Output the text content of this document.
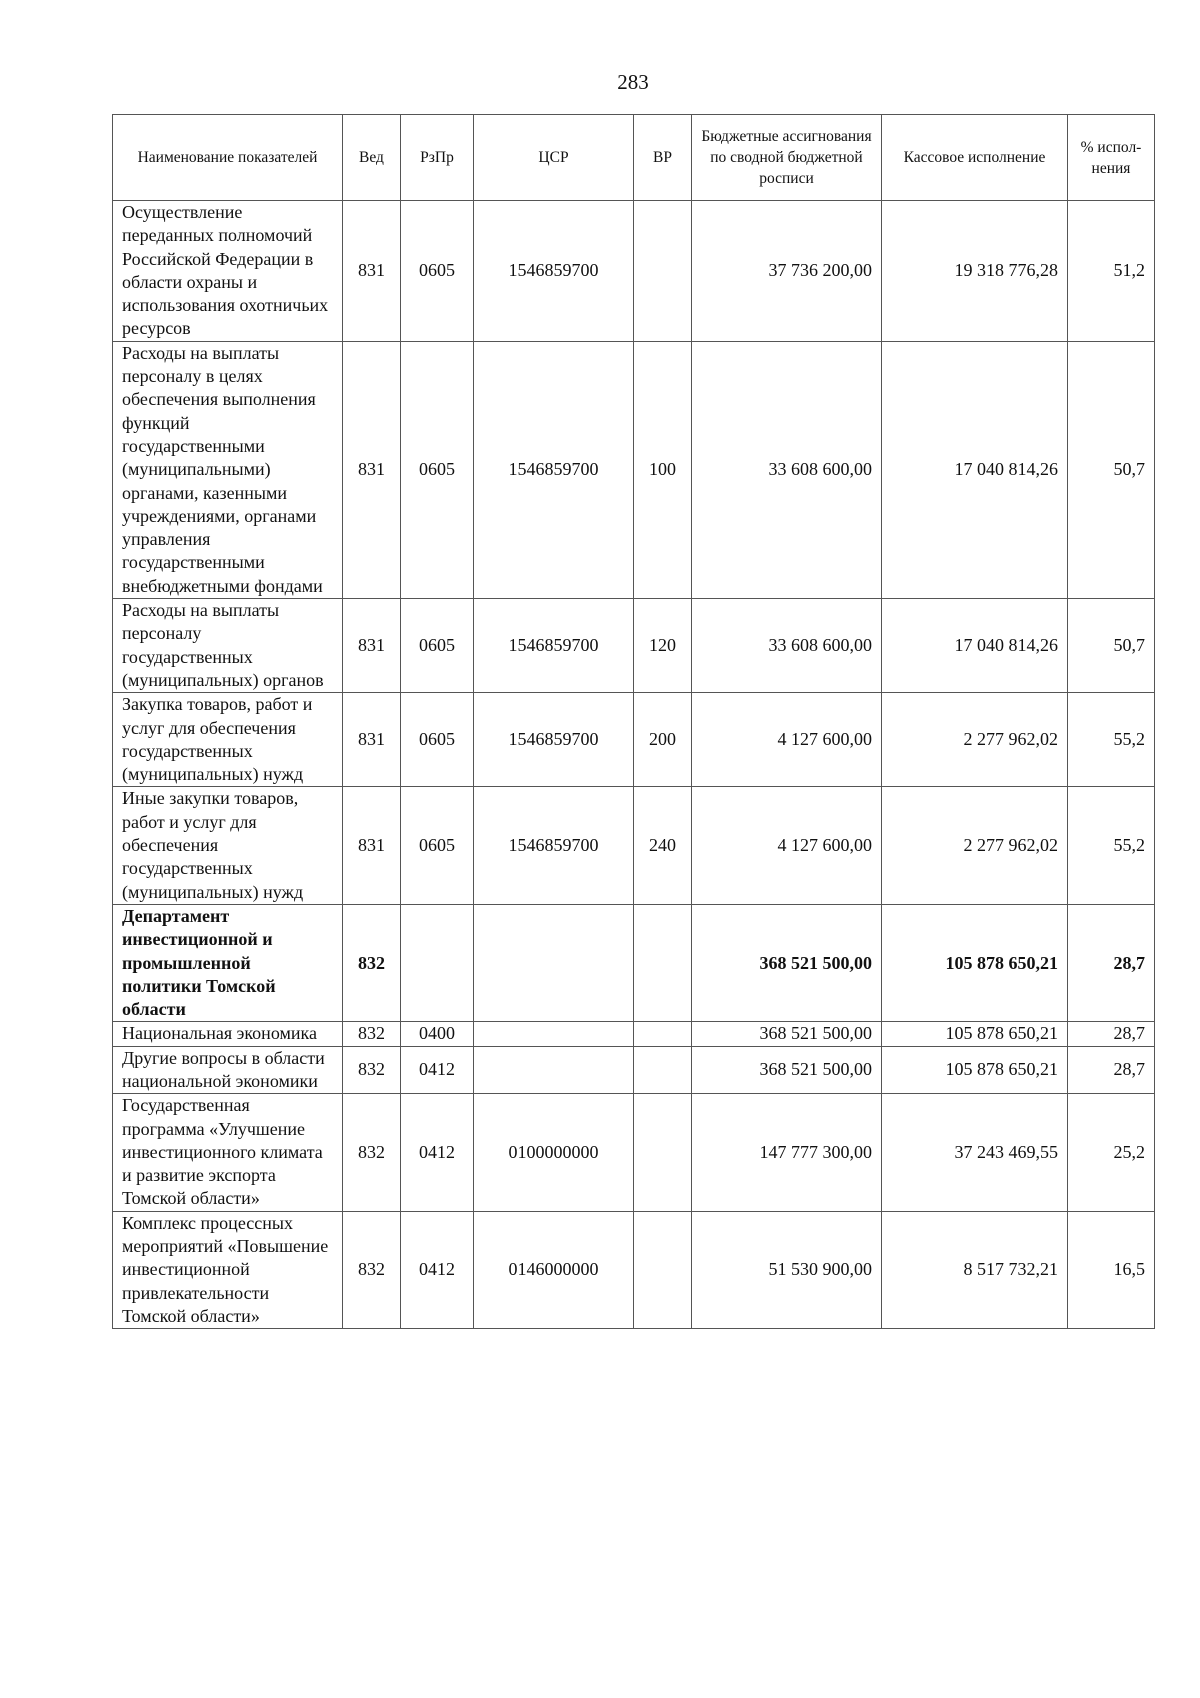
283
Наименование показателей	Вед	РзПр	ЦСР	ВР	Бюджетные ассигнования по сводной бюджетной росписи	Кассовое исполнение	% испол-нения
Осуществление переданных полномочий Российской Федерации в области охраны и использования охотничьих ресурсов	831	0605	1546859700		37 736 200,00	19 318 776,28	51,2
Расходы на выплаты персоналу в целях обеспечения выполнения функций государственными (муниципальными) органами, казенными учреждениями, органами управления государственными внебюджетными фондами	831	0605	1546859700	100	33 608 600,00	17 040 814,26	50,7
Расходы на выплаты персоналу государственных (муниципальных) органов	831	0605	1546859700	120	33 608 600,00	17 040 814,26	50,7
Закупка товаров, работ и услуг для обеспечения государственных (муниципальных) нужд	831	0605	1546859700	200	4 127 600,00	2 277 962,02	55,2
Иные закупки товаров, работ и услуг для обеспечения государственных (муниципальных) нужд	831	0605	1546859700	240	4 127 600,00	2 277 962,02	55,2
Департамент инвестиционной и промышленной политики Томской области	832				368 521 500,00	105 878 650,21	28,7
Национальная экономика	832	0400			368 521 500,00	105 878 650,21	28,7
Другие вопросы в области национальной экономики	832	0412			368 521 500,00	105 878 650,21	28,7
Государственная программа «Улучшение инвестиционного климата и развитие экспорта Томской области»	832	0412	0100000000		147 777 300,00	37 243 469,55	25,2
Комплекс процессных мероприятий «Повышение инвестиционной привлекательности Томской области»	832	0412	0146000000		51 530 900,00	8 517 732,21	16,5
